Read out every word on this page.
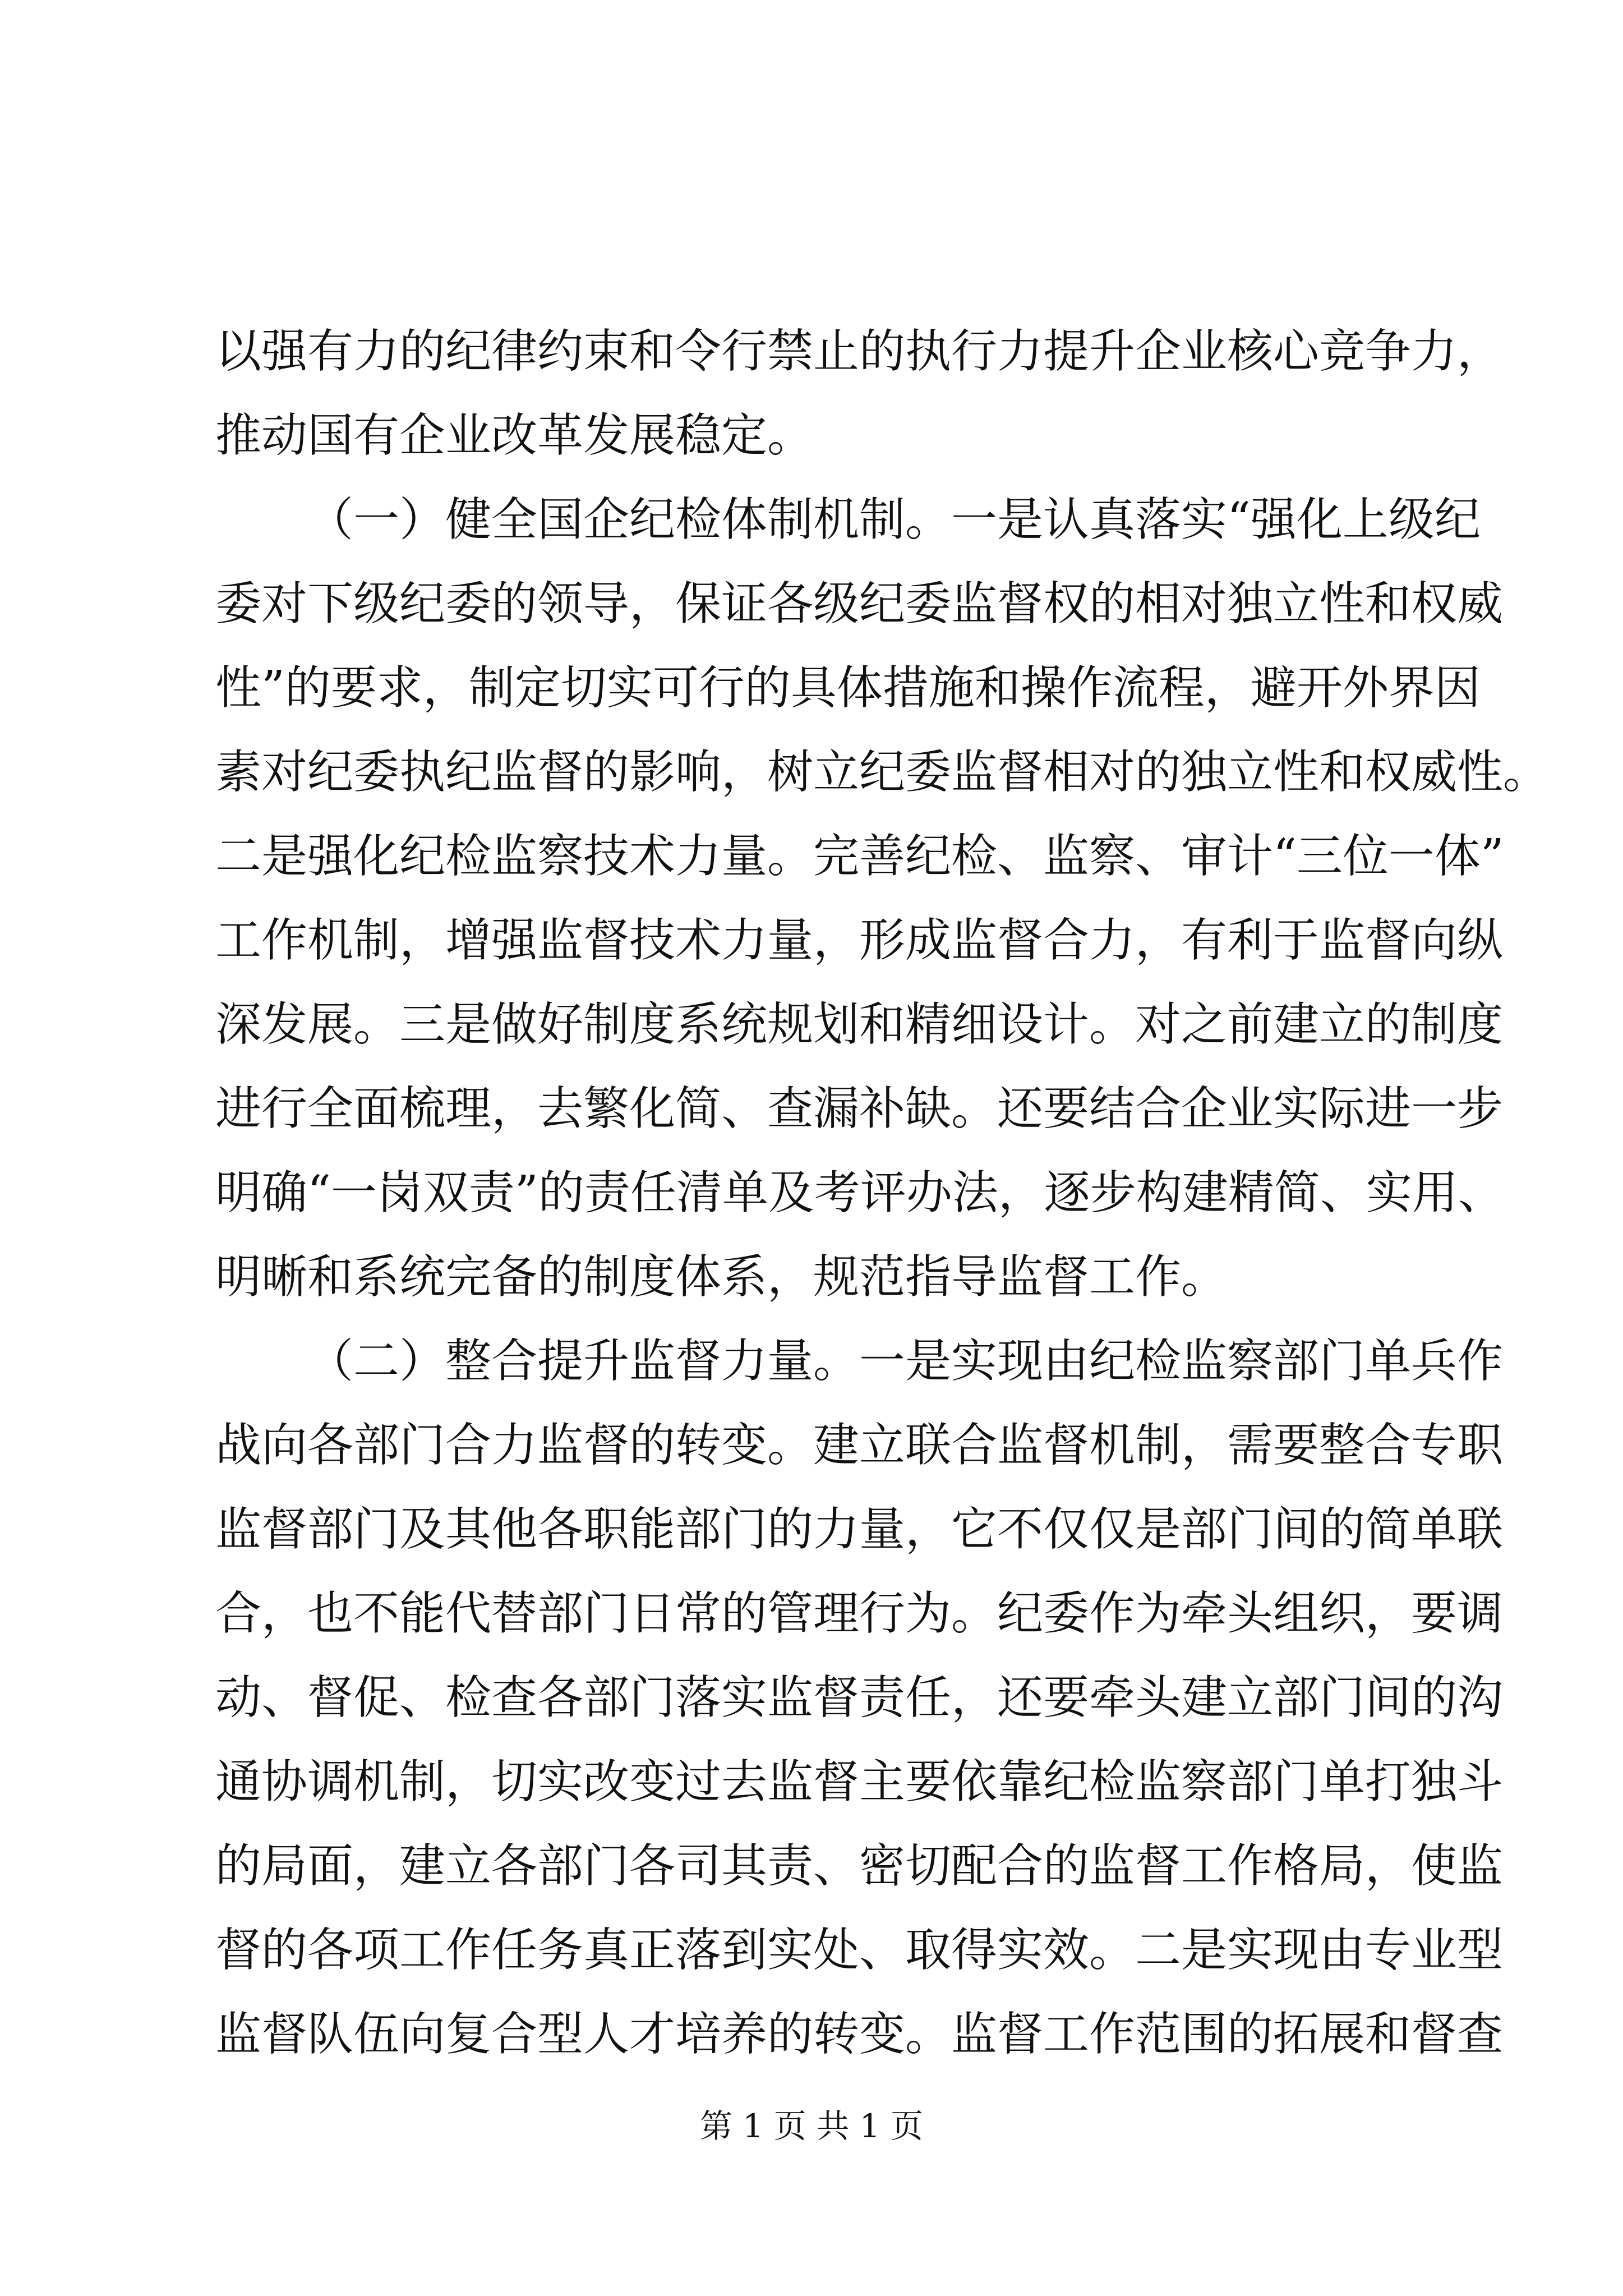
以强有力的纪律约束和令行禁止的执行力提升企业核心竞争力，
推动国有企业改革发展稳定。
（一）健全国企纪检体制机制。一是认真落实“强化上级纪
委对下级纪委的领导，保证各级纪委监督权的相对独立性和权威
性”的要求，制定切实可行的具体措施和操作流程，避开外界因
素对纪委执纪监督的影响，树立纪委监督相对的独立性和权威性。
二是强化纪检监察技术力量。完善纪检、监察、审计“三位一体”
工作机制，增强监督技术力量，形成监督合力，有利于监督向纵
深发展。三是做好制度系统规划和精细设计。对之前建立的制度
进行全面梳理，去繁化简、查漏补缺。还要结合企业实际进一步
明确“一岗双责”的责任清单及考评办法，逐步构建精简、实用、
明晰和系统完备的制度体系，规范指导监督工作。
（二）整合提升监督力量。一是实现由纪检监察部门单兵作
战向各部门合力监督的转变。建立联合监督机制，需要整合专职
监督部门及其他各职能部门的力量，它不仅仅是部门间的简单联
合，也不能代替部门日常的管理行为。纪委作为牵头组织，要调
动、督促、检查各部门落实监督责任，还要牵头建立部门间的沟
通协调机制，切实改变过去监督主要依靠纪检监察部门单打独斗
的局面，建立各部门各司其责、密切配合的监督工作格局，使监
督的各项工作任务真正落到实处、取得实效。二是实现由专业型
监督队伍向复合型人才培养的转变。监督工作范围的拓展和督查
第 1 页 共 1 页
